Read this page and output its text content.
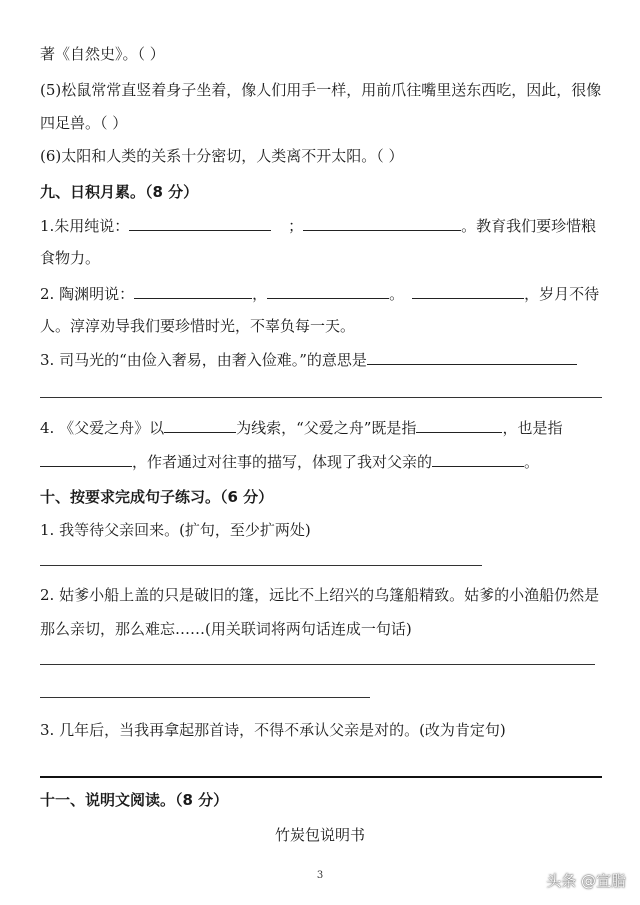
著《自然史》。（ ）
(5)松鼠常常直竖着身子坐着，像人们用手一样，用前爪往嘴里送东西吃，因此，很像
四足兽。（ ）
(6)太阳和人类的关系十分密切，人类离不开太阳。（ ）
九、日积月累。（8 分）
1.朱用纯说：	；	。教育我们要珍惜粮
食物力。
2. 陶渊明说：	，	。	，岁月不待
人。淳淳劝导我们要珍惜时光，不辜负每一天。
3. 司马光的“由俭入奢易，由奢入俭难。”的意思是
4. 《父爱之舟》以	为线索，“父爱之舟”既是指	，也是指
，作者通过对往事的描写，体现了我对父亲的	。
十、按要求完成句子练习。（6 分）
1. 我等待父亲回来。(扩句，至少扩两处)
2. 姑爹小船上盖的只是破旧的篷，远比不上绍兴的乌篷船精致。姑爹的小渔船仍然是
那么亲切，那么难忘……(用关联词将两句话连成一句话)
3. 几年后，当我再拿起那首诗，不得不承认父亲是对的。(改为肯定句)
十一、说明文阅读。（8 分）
竹炭包说明书
3	头条 @宣脂
